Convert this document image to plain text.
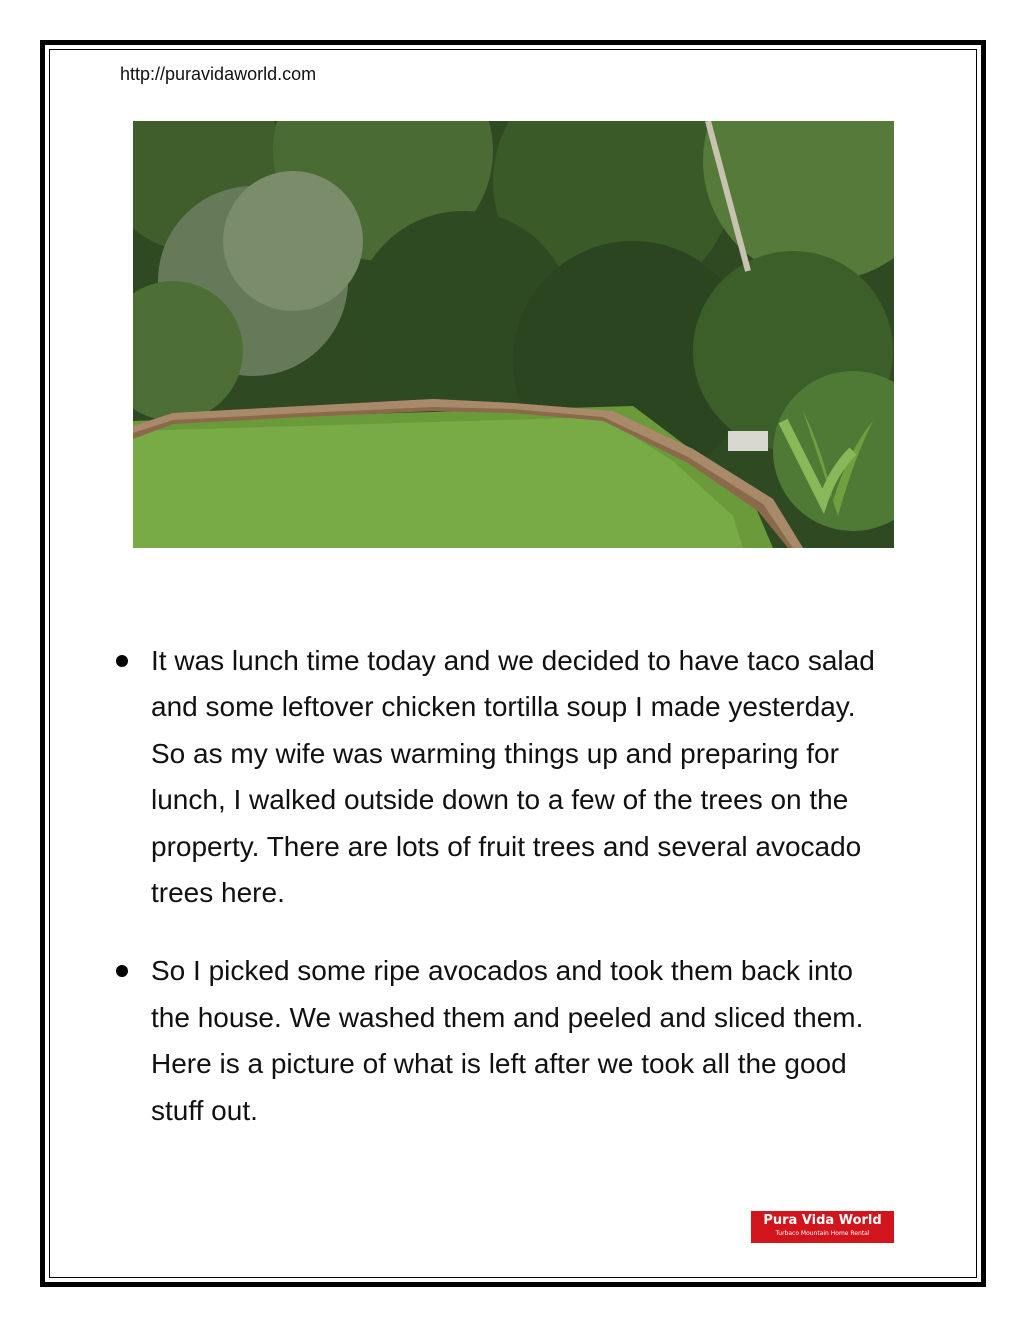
http://puravidaworld.com
It was lunch time today and we decided to have taco salad and some leftover chicken tortilla soup I made yesterday. So as my wife was warming things up and preparing for lunch, I walked outside down to a few of the trees on the property. There are lots of fruit trees and several avocado trees here.
So I picked some ripe avocados and took them back into the house. We washed them and peeled and sliced them. Here is a picture of what is left after we took all the good stuff out.
Pura Vida World
Turbaco Mountain Home Rental
